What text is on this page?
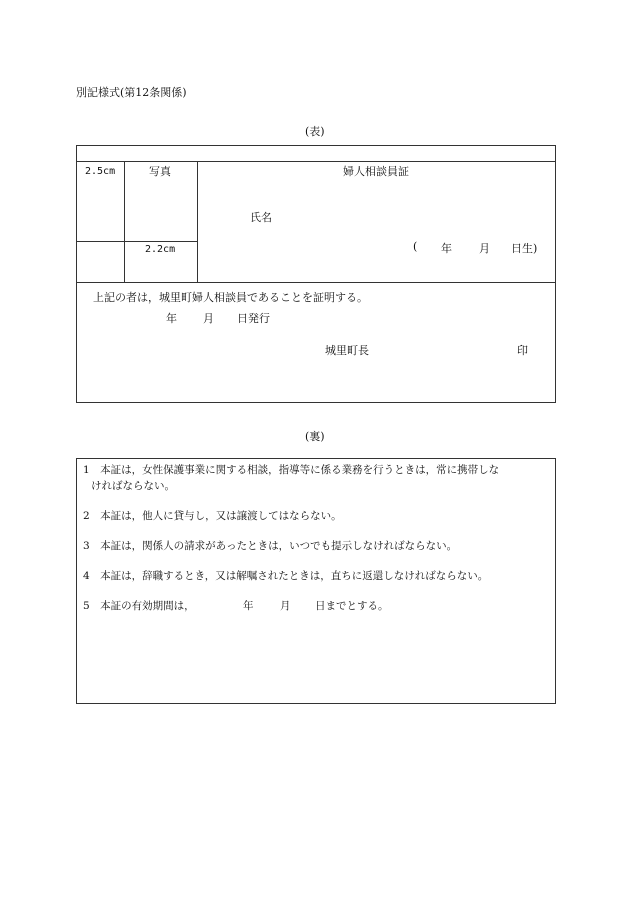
別記様式(第12条関係)
(表)
2.5cm	写真
2.2cm
婦人相談員証
氏名
( 年 月 日生)
上記の者は，城里町婦人相談員であることを証明する。
年 月 日発行
城里町長	印
(裏)
1　本証は，女性保護事業に関する相談，指導等に係る業務を行うときは，常に携帯しな
ければならない。
2　本証は，他人に貸与し，又は譲渡してはならない。
3　本証は，関係人の請求があったときは，いつでも提示しなければならない。
4　本証は，辞職するとき，又は解嘱されたときは，直ちに返還しなければならない。
5　本証の有効期間は，	年	月 日までとする。
